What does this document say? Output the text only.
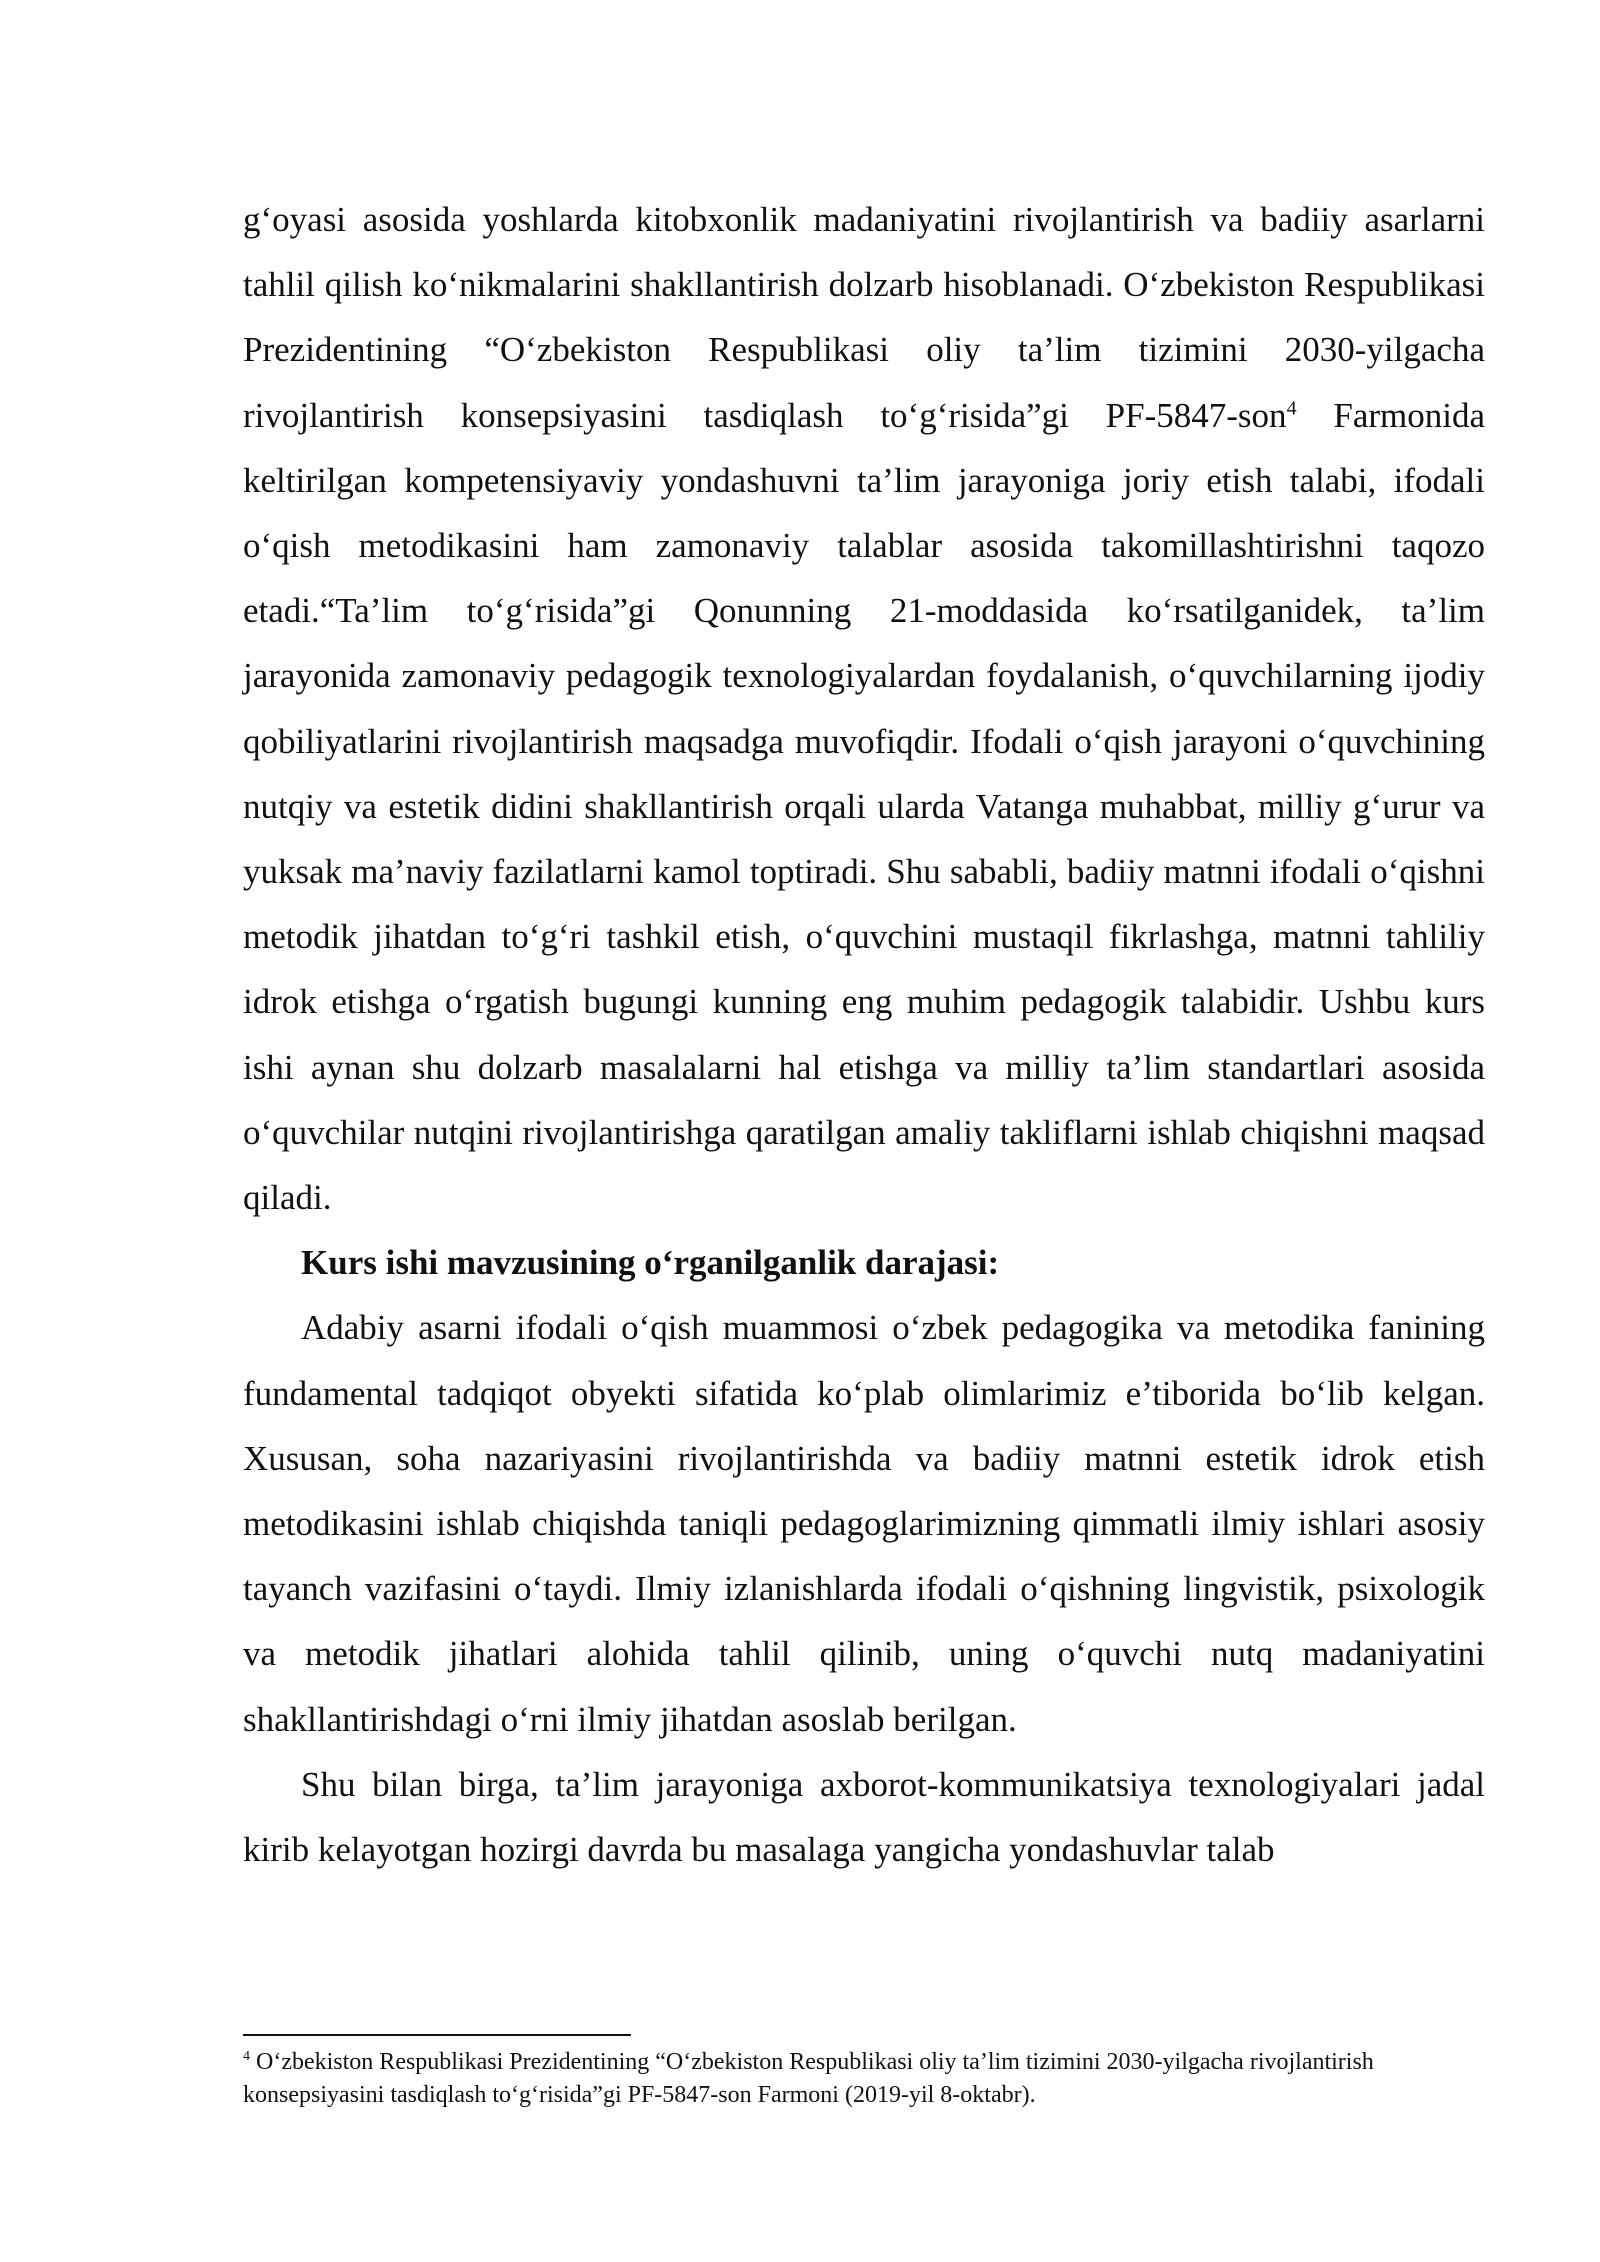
g‘oyasi asosida yoshlarda kitobxonlik madaniyatini rivojlantirish va badiiy asarlarni tahlil qilish ko‘nikmalarini shakllantirish dolzarb hisoblanadi. O‘zbekiston Respublikasi Prezidentining “O‘zbekiston Respublikasi oliy ta’lim tizimini 2030-yilgacha rivojlantirish konsepsiyasini tasdiqlash to‘g‘risida”gi PF-5847-son$^4$ Farmonida keltirilgan kompetensiyaviy yondashuvni ta’lim jarayoniga joriy etish talabi, ifodali o‘qish metodikasini ham zamonaviy talablar asosida takomillashtirishni taqozo etadi.“Ta’lim to‘g‘risida”gi Qonunning 21-moddasida ko‘rsatilganidek, ta’lim jarayonida zamonaviy pedagogik texnologiyalardan foydalanish, o‘quvchilarning ijodiy qobiliyatlarini rivojlantirish maqsadga muvofiqdir. Ifodali o‘qish jarayoni o‘quvchining nutqiy va estetik didini shakllantirish orqali ularda Vatanga muhabbat, milliy g‘urur va yuksak ma’naviy fazilatlarni kamol toptiradi. Shu sababli, badiiy matnni ifodali o‘qishni metodik jihatdan to‘g‘ri tashkil etish, o‘quvchini mustaqil fikrlashga, matnni tahliliy idrok etishga o‘rgatish bugungi kunning eng muhim pedagogik talabidir. Ushbu kurs ishi aynan shu dolzarb masalalarni hal etishga va milliy ta’lim standartlari asosida o‘quvchilar nutqini rivojlantirishga qaratilgan amaliy takliflarni ishlab chiqishni maqsad qiladi.

Kurs ishi mavzusining o‘rganilganlik darajasi:

Adabiy asarni ifodali o‘qish muammosi o‘zbek pedagogika va metodika fanining fundamental tadqiqot obyekti sifatida ko‘plab olimlarimiz e’tiborida bo‘lib kelgan. Xususan, soha nazariyasini rivojlantirishda va badiiy matnni estetik idrok etish metodikasini ishlab chiqishda taniqli pedagoglarimizning qimmatli ilmiy ishlari asosiy tayanch vazifasini o‘taydi. Ilmiy izlanishlarda ifodali o‘qishning lingvistik, psixologik va metodik jihatlari alohida tahlil qilinib, uning o‘quvchi nutq madaniyatini shakllantirishdagi o‘rni ilmiy jihatdan asoslab berilgan.

Shu bilan birga, ta’lim jarayoniga axborot-kommunikatsiya texnologiyalari jadal kirib kelayotgan hozirgi davrda bu masalaga yangicha yondashuvlar talab

$^4$ O‘zbekiston Respublikasi Prezidentining “O‘zbekiston Respublikasi oliy ta’lim tizimini 2030-yilgacha rivojlantirish konsepsiyasini tasdiqlash to‘g‘risida”gi PF-5847-son Farmoni (2019-yil 8-oktabr).
